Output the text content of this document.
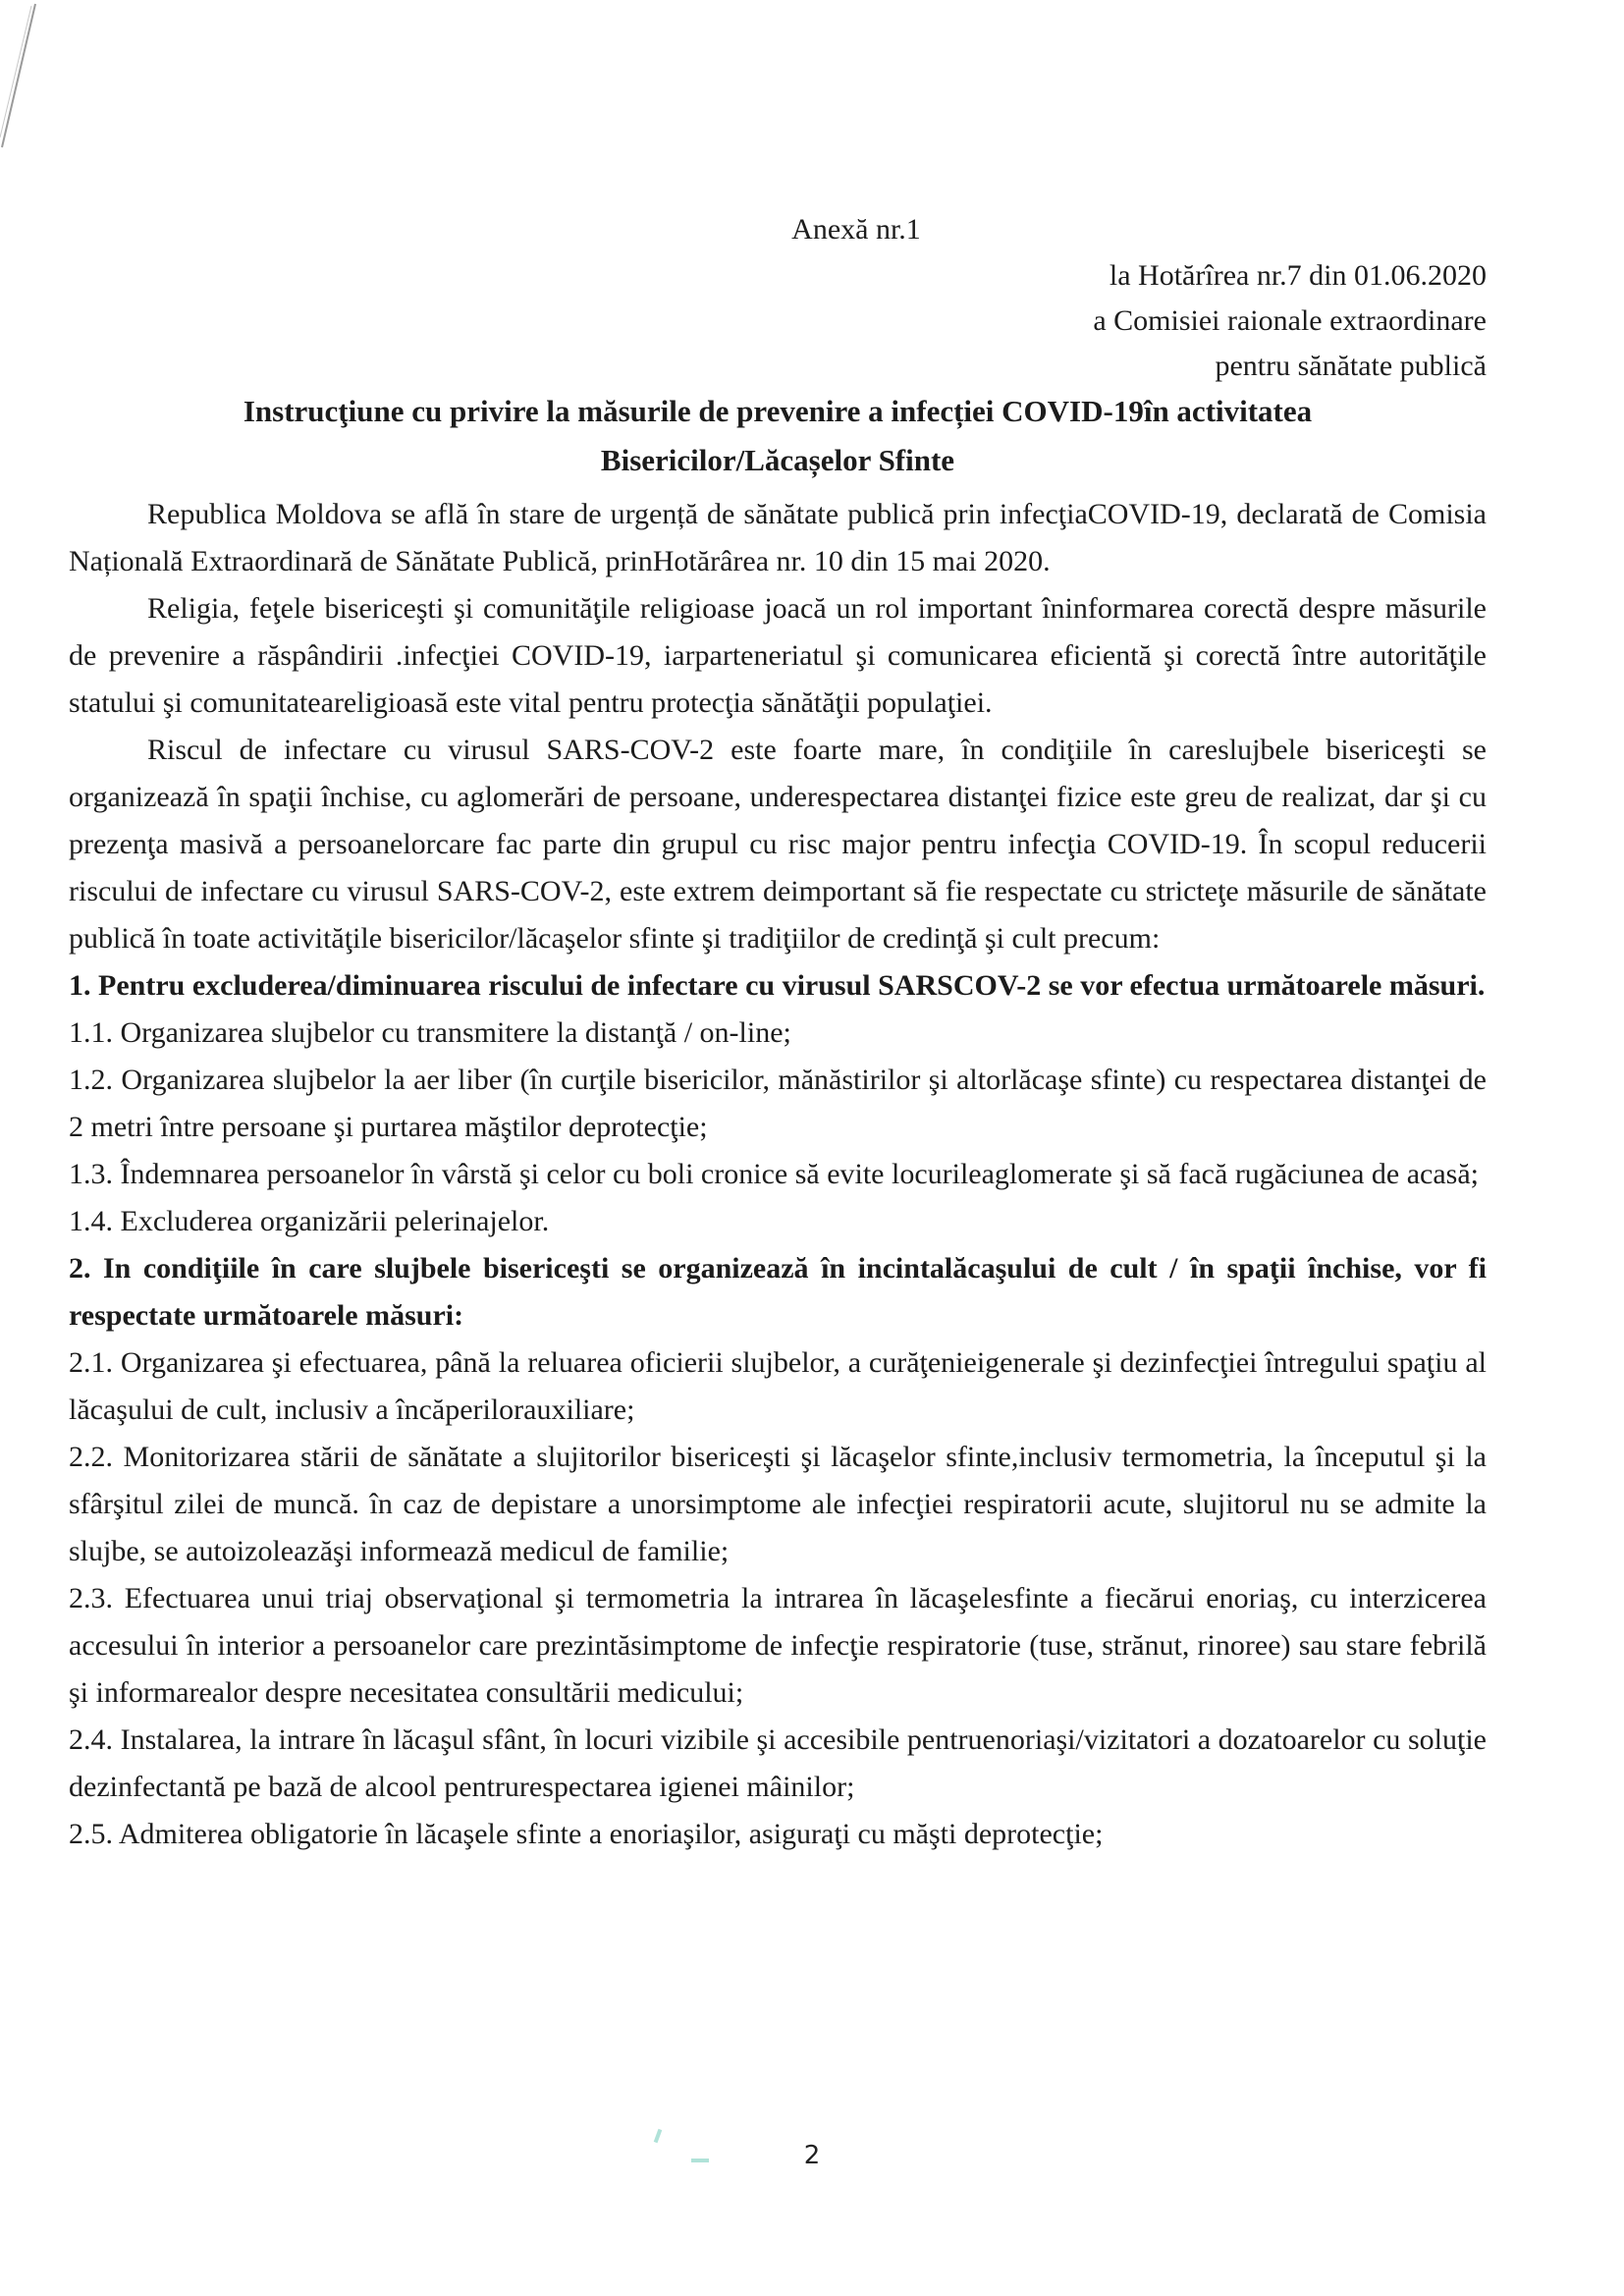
Anexă nr.1
la Hotărîrea nr.7 din 01.06.2020
a Comisiei raionale extraordinare
pentru sănătate publică
Instrucţiune cu privire la măsurile de prevenire a infecției COVID-19în activitatea
Bisericilor/Lăcașelor Sfinte

Republica Moldova se află în stare de urgență de sănătate publică prin infecţiaCOVID-19, declarată de Comisia Națională Extraordinară de Sănătate Publică, prinHotărârea nr. 10 din 15 mai 2020.

Religia, feţele bisericeşti şi comunităţile religioase joacă un rol important îninformarea corectă despre măsurile de prevenire a răspândirii .infecţiei COVID-19, iarparteneriatul şi comunicarea eficientă şi corectă între autorităţile statului şi comunitateareligioasă este vital pentru protecţia sănătăţii populaţiei.

Riscul de infectare cu virusul SARS-COV-2 este foarte mare, în condiţiile în careslujbele bisericeşti se organizează în spaţii închise, cu aglomerări de persoane, underespectarea distanţei fizice este greu de realizat, dar şi cu prezenţa masivă a persoanelorcare fac parte din grupul cu risc major pentru infecţia COVID-19. În scopul reducerii riscului de infectare cu virusul SARS-COV-2, este extrem deimportant să fie respectate cu stricteţe măsurile de sănătate publică în toate activităţile bisericilor/lăcaşelor sfinte şi tradiţiilor de credinţă şi cult precum:

1. Pentru excluderea/diminuarea riscului de infectare cu virusul SARSCOV-2 se vor efectua următoarele măsuri.

1.1. Organizarea slujbelor cu transmitere la distanţă / on-line;

1.2. Organizarea slujbelor la aer liber (în curţile bisericilor, mănăstirilor şi altorlăcaşe sfinte) cu respectarea distanţei de 2 metri între persoane şi purtarea măştilor deprotecţie;

1.3. Îndemnarea persoanelor în vârstă şi celor cu boli cronice să evite locurileaglomerate şi să facă rugăciunea de acasă;

1.4. Excluderea organizării pelerinajelor.

2. In condiţiile în care slujbele bisericeşti se organizează în incintalăcaşului de cult / în spaţii închise, vor fi respectate următoarele măsuri:

2.1. Organizarea şi efectuarea, până la reluarea oficierii slujbelor, a curăţenieigenerale şi dezinfecţiei întregului spaţiu al lăcaşului de cult, inclusiv a încăperilorauxiliare;

2.2. Monitorizarea stării de sănătate a slujitorilor bisericeşti şi lăcaşelor sfinte,inclusiv termometria, la începutul şi la sfârşitul zilei de muncă. în caz de depistare a unorsimptome ale infecţiei respiratorii acute, slujitorul nu se admite la slujbe, se autoizoleazăşi informează medicul de familie;

2.3. Efectuarea unui triaj observaţional şi termometria la intrarea în lăcaşelesfinte a fiecărui enoriaş, cu interzicerea accesului în interior a persoanelor care prezintăsimptome de infecţie respiratorie (tuse, strănut, rinoree) sau stare febrilă şi informarealor despre necesitatea consultării medicului;

2.4. Instalarea, la intrare în lăcaşul sfânt, în locuri vizibile şi accesibile pentruenoriaşi/vizitatori a dozatoarelor cu soluţie dezinfectantă pe bază de alcool pentrurespectarea igienei mâinilor;

2.5. Admiterea obligatorie în lăcaşele sfinte a enoriaşilor, asiguraţi cu măşti deprotecţie;

2
